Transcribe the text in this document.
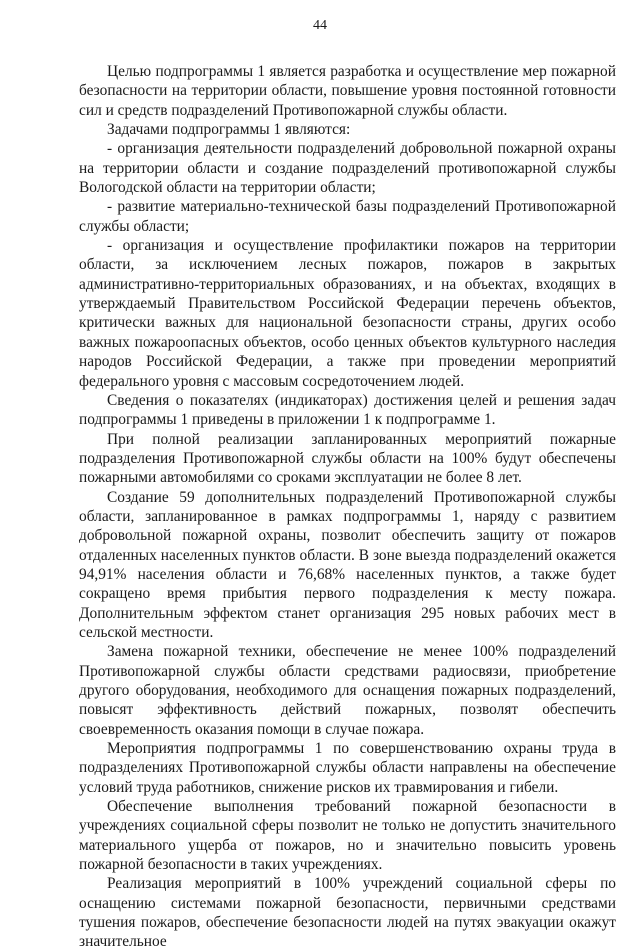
44

Целью подпрограммы 1 является разработка и осуществление мер пожарной безопасности на территории области, повышение уровня постоянной готовности сил и средств подразделений Противопожарной службы области.

Задачами подпрограммы 1 являются:

- организация деятельности подразделений добровольной пожарной охраны на территории области и создание подразделений противопожарной службы Вологодской области на территории области;

- развитие материально-технической базы подразделений Противопожарной службы области;

- организация и осуществление профилактики пожаров на территории области, за исключением лесных пожаров, пожаров в закрытых административно-территориальных образованиях, и на объектах, входящих в утверждаемый Правительством Российской Федерации перечень объектов, критически важных для национальной безопасности страны, других особо важных пожароопасных объектов, особо ценных объектов культурного наследия народов Российской Федерации, а также при проведении мероприятий федерального уровня с массовым сосредоточением людей.

Сведения о показателях (индикаторах) достижения целей и решения задач подпрограммы 1 приведены в приложении 1 к подпрограмме 1.

При полной реализации запланированных мероприятий пожарные подразделения Противопожарной службы области на 100% будут обеспечены пожарными автомобилями со сроками эксплуатации не более 8 лет.

Создание 59 дополнительных подразделений Противопожарной службы области, запланированное в рамках подпрограммы 1, наряду с развитием добровольной пожарной охраны, позволит обеспечить защиту от пожаров отдаленных населенных пунктов области. В зоне выезда подразделений окажется 94,91% населения области и 76,68% населенных пунктов, а также будет сокращено время прибытия первого подразделения к месту пожара. Дополнительным эффектом станет организация 295 новых рабочих мест в сельской местности.

Замена пожарной техники, обеспечение не менее 100% подразделений Противопожарной службы области средствами радиосвязи, приобретение другого оборудования, необходимого для оснащения пожарных подразделений, повысят эффективность действий пожарных, позволят обеспечить своевременность оказания помощи в случае пожара.

Мероприятия подпрограммы 1 по совершенствованию охраны труда в подразделениях Противопожарной службы области направлены на обеспечение условий труда работников, снижение рисков их травмирования и гибели.

Обеспечение выполнения требований пожарной безопасности в учреждениях социальной сферы позволит не только не допустить значительного материального ущерба от пожаров, но и значительно повысить уровень пожарной безопасности в таких учреждениях.

Реализация мероприятий в 100% учреждений социальной сферы по оснащению системами пожарной безопасности, первичными средствами тушения пожаров, обеспечение безопасности людей на путях эвакуации окажут значительное
